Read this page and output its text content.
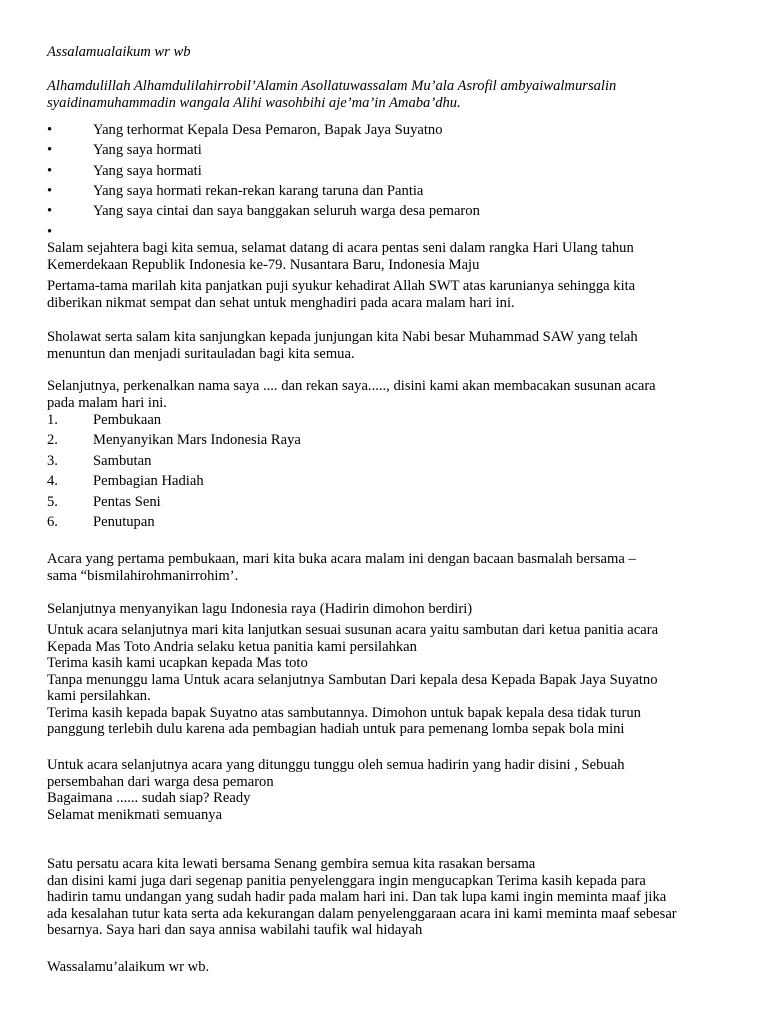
Assalamualaikum wr wb

Alhamdulillah Alhamdulilahirrobil’Alamin Asollatuwassalam Mu’ala Asrofil ambyaiwalmursalin
syaidinamuhammadin wangala Alihi wasohbihi aje’ma’in Amaba’dhu.

•	Yang terhormat Kepala Desa Pemaron, Bapak Jaya Suyatno

•	Yang saya hormati

•	Yang saya hormati

•	Yang saya hormati rekan-rekan karang taruna dan Pantia

•	Yang saya cintai dan saya banggakan seluruh warga desa pemaron

•

Salam sejahtera bagi kita semua, selamat datang di acara pentas seni dalam rangka Hari Ulang tahun
Kemerdekaan Republik Indonesia ke-79. Nusantara Baru, Indonesia Maju

Pertama-tama marilah kita panjatkan puji syukur kehadirat Allah SWT atas karunianya sehingga kita
diberikan nikmat sempat dan sehat untuk menghadiri pada acara malam hari ini.

Sholawat serta salam kita sanjungkan kepada junjungan kita Nabi besar Muhammad SAW yang telah
menuntun dan menjadi suritauladan bagi kita semua.

Selanjutnya, perkenalkan nama saya .... dan rekan saya....., disini kami akan membacakan susunan acara
pada malam hari ini.

1.	Pembukaan

2.	Menyanyikan Mars Indonesia Raya

3.	Sambutan

4.	Pembagian Hadiah

5.	Pentas Seni

6.	Penutupan

Acara yang pertama pembukaan, mari kita buka acara malam ini dengan bacaan basmalah bersama –
sama “bismilahirohmanirrohim’.

Selanjutnya menyanyikan lagu Indonesia raya (Hadirin dimohon berdiri)

Untuk acara selanjutnya mari kita lanjutkan sesuai susunan acara yaitu sambutan dari ketua panitia acara
Kepada Mas Toto Andria selaku ketua panitia kami persilahkan
Terima kasih kami ucapkan kepada Mas toto
Tanpa menunggu lama Untuk acara selanjutnya Sambutan Dari kepala desa Kepada Bapak Jaya Suyatno
kami persilahkan.
Terima kasih kepada bapak Suyatno atas sambutannya. Dimohon untuk bapak kepala desa tidak turun
panggung terlebih dulu karena ada pembagian hadiah untuk para pemenang lomba sepak bola mini

Untuk acara selanjutnya acara yang ditunggu tunggu oleh semua hadirin yang hadir disini , Sebuah
persembahan dari warga desa pemaron
Bagaimana ...... sudah siap? Ready
Selamat menikmati semuanya

Satu persatu acara kita lewati bersama Senang gembira semua kita rasakan bersama
dan disini kami juga dari segenap panitia penyelenggara ingin mengucapkan Terima kasih kepada para
hadirin tamu undangan yang sudah hadir pada malam hari ini. Dan tak lupa kami ingin meminta maaf jika
ada kesalahan tutur kata serta ada kekurangan dalam penyelenggaraan acara ini kami meminta maaf sebesar
besarnya. Saya hari dan saya annisa wabilahi taufik wal hidayah

Wassalamu’alaikum wr wb.
